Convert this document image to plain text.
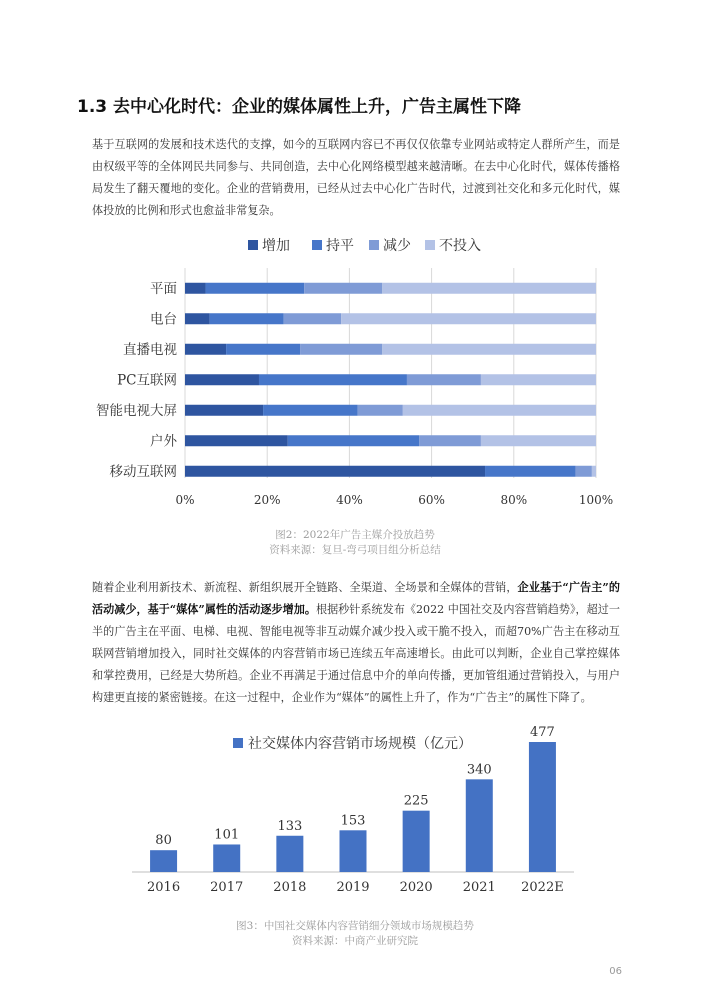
1.3 去中心化时代：企业的媒体属性上升，广告主属性下降
基于互联网的发展和技术迭代的支撑，如今的互联网内容已不再仅仅依靠专业网站或特定人群所产生，而是由权级平等的全体网民共同参与、共同创造，去中心化网络模型越来越清晰。在去中心化时代，媒体传播格局发生了翻天覆地的变化。企业的营销费用，已经从过去中心化广告时代，过渡到社交化和多元化时代，媒体投放的比例和形式也愈益非常复杂。
增加	持平 减少 不投入
平面
电台
直播电视
PC互联网
智能电视大屏
户外
移动互联网
0%	20%	40%	60%	80%	100%
图2：2022年广告主媒介投放趋势
资料来源：复旦-弯弓项目组分析总结
随着企业利用新技术、新流程、新组织展开全链路、全渠道、全场景和全媒体的营销，企业基于“广告主”的活动减少，基于“媒体”属性的活动逐步增加。根据秒针系统发布《2022 中国社交及内容营销趋势》，超过一半的广告主在平面、电梯、电视、智能电视等非互动媒介减少投入或干脆不投入，而超70%广告主在移动互联网营销增加投入，同时社交媒体的内容营销市场已连续五年高速增长。由此可以判断，企业自己掌控媒体和掌控费用，已经是大势所趋。企业不再满足于通过信息中介的单向传播，更加管组通过营销投入，与用户构建更直接的紧密链接。在这一过程中，企业作为“媒体”的属性上升了，作为“广告主”的属性下降了。
社交媒体内容营销市场规模（亿元）
80
2016
101
2017
133
2018
153
2019
225
2020
340
2021
477
2022E
图3：中国社交媒体内容营销细分领域市场规模趋势
资料来源：中商产业研究院
06
